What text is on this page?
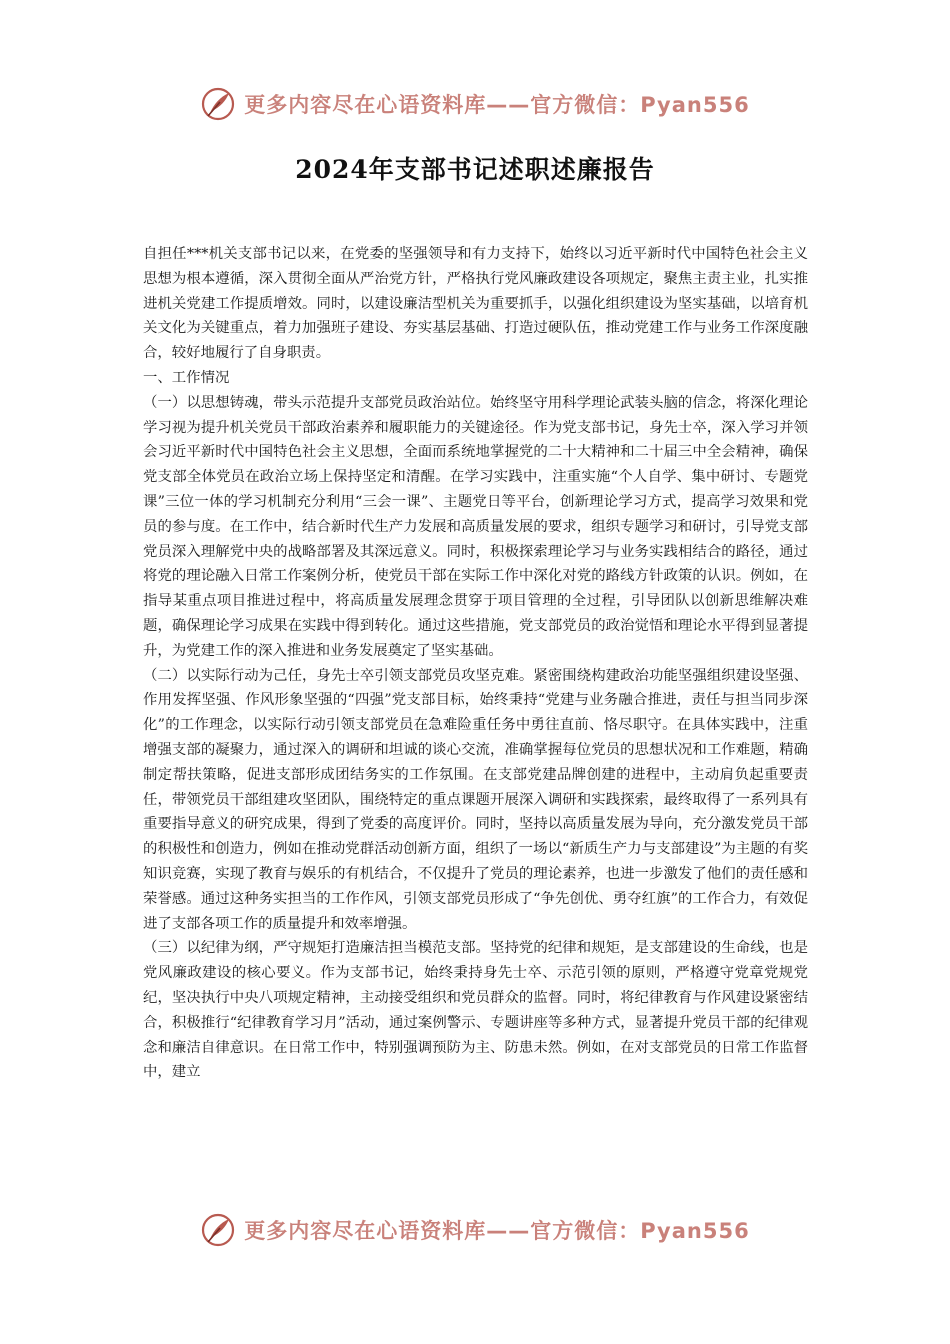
更多内容尽在心语资料库——官方微信：Pyan556
2024年支部书记述职述廉报告

自担任***机关支部书记以来，在党委的坚强领导和有力支持下，始终以习近平新时代中国特色社会主义思想为根本遵循，深入贯彻全面从严治党方针，严格执行党风廉政建设各项规定，聚焦主责主业，扎实推进机关党建工作提质增效。同时，以建设廉洁型机关为重要抓手，以强化组织建设为坚实基础，以培育机关文化为关键重点，着力加强班子建设、夯实基层基础、打造过硬队伍，推动党建工作与业务工作深度融合，较好地履行了自身职责。

一、工作情况

（一）以思想铸魂，带头示范提升支部党员政治站位。始终坚守用科学理论武装头脑的信念，将深化理论学习视为提升机关党员干部政治素养和履职能力的关键途径。作为党支部书记，身先士卒，深入学习并领会习近平新时代中国特色社会主义思想，全面而系统地掌握党的二十大精神和二十届三中全会精神，确保党支部全体党员在政治立场上保持坚定和清醒。在学习实践中，注重实施“个人自学、集中研讨、专题党课”三位一体的学习机制充分利用“三会一课”、主题党日等平台，创新理论学习方式，提高学习效果和党员的参与度。在工作中，结合新时代生产力发展和高质量发展的要求，组织专题学习和研讨，引导党支部党员深入理解党中央的战略部署及其深远意义。同时，积极探索理论学习与业务实践相结合的路径，通过将党的理论融入日常工作案例分析，使党员干部在实际工作中深化对党的路线方针政策的认识。例如，在指导某重点项目推进过程中，将高质量发展理念贯穿于项目管理的全过程，引导团队以创新思维解决难题，确保理论学习成果在实践中得到转化。通过这些措施，党支部党员的政治觉悟和理论水平得到显著提升，为党建工作的深入推进和业务发展奠定了坚实基础。

（二）以实际行动为己任，身先士卒引领支部党员攻坚克难。紧密围绕构建政治功能坚强组织建设坚强、作用发挥坚强、作风形象坚强的“四强”党支部目标，始终秉持“党建与业务融合推进，责任与担当同步深化”的工作理念，以实际行动引领支部党员在急难险重任务中勇往直前、恪尽职守。在具体实践中，注重增强支部的凝聚力，通过深入的调研和坦诚的谈心交流，准确掌握每位党员的思想状况和工作难题，精确制定帮扶策略，促进支部形成团结务实的工作氛围。在支部党建品牌创建的进程中，主动肩负起重要责任，带领党员干部组建攻坚团队，围绕特定的重点课题开展深入调研和实践探索，最终取得了一系列具有重要指导意义的研究成果，得到了党委的高度评价。同时，坚持以高质量发展为导向，充分激发党员干部的积极性和创造力，例如在推动党群活动创新方面，组织了一场以“新质生产力与支部建设”为主题的有奖知识竞赛，实现了教育与娱乐的有机结合，不仅提升了党员的理论素养，也进一步激发了他们的责任感和荣誉感。通过这种务实担当的工作作风，引领支部党员形成了“争先创优、勇夺红旗”的工作合力，有效促进了支部各项工作的质量提升和效率增强。

（三）以纪律为纲，严守规矩打造廉洁担当模范支部。坚持党的纪律和规矩，是支部建设的生命线，也是党风廉政建设的核心要义。作为支部书记，始终秉持身先士卒、示范引领的原则，严格遵守党章党规党纪，坚决执行中央八项规定精神，主动接受组织和党员群众的监督。同时，将纪律教育与作风建设紧密结合，积极推行“纪律教育学习月”活动，通过案例警示、专题讲座等多种方式，显著提升党员干部的纪律观念和廉洁自律意识。在日常工作中，特别强调预防为主、防患未然。例如，在对支部党员的日常工作监督中，建立

更多内容尽在心语资料库——官方微信：Pyan556
